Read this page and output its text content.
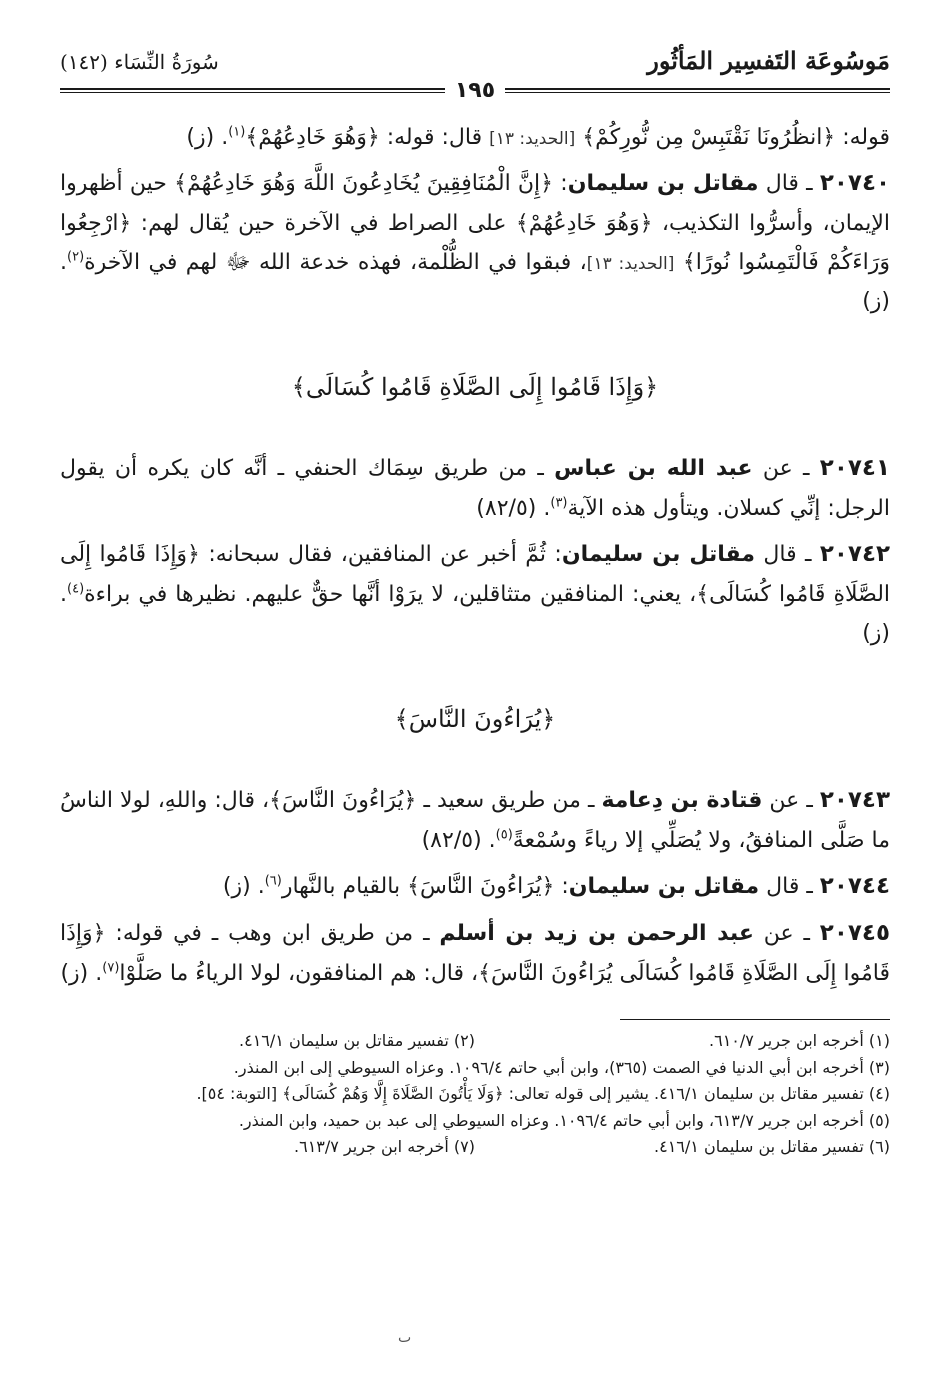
مَوسُوعَة التَفسِير المَأثُور
سُورَةُ النِّسَاء (١٤٢)
١٩٥

قوله: ﴿انظُرُونَا نَقْتَبِسْ مِن نُّورِكُمْ﴾ [الحديد: ١٣] قال: قوله: ﴿وَهُوَ خَادِعُهُمْ﴾$^{(١)}$. (ز)

٢٠٧٤٠ ـ قال مقاتل بن سليمان: ﴿إِنَّ الْمُنَافِقِينَ يُخَادِعُونَ اللَّهَ وَهُوَ خَادِعُهُمْ﴾ حين أظهروا الإيمان، وأسرُّوا التكذيب، ﴿وَهُوَ خَادِعُهُمْ﴾ على الصراط في الآخرة حين يُقال لهم: ﴿ارْجِعُوا وَرَاءَكُمْ فَالْتَمِسُوا نُورًا﴾ [الحديد: ١٣]، فبقوا في الظُّلْمة، فهذه خدعة الله ﷻ لهم في الآخرة$^{(٢)}$. (ز)

﴿وَإِذَا قَامُوا إِلَى الصَّلَاةِ قَامُوا كُسَالَى﴾

٢٠٧٤١ ـ عن عبد الله بن عباس ـ من طريق سِمَاك الحنفي ـ أنَّه كان يكره أن يقول الرجل: إنِّي كسلان. ويتأول هذه الآية$^{(٣)}$. (٥/‏٨٢)

٢٠٧٤٢ ـ قال مقاتل بن سليمان: ثُمَّ أخبر عن المنافقين، فقال سبحانه: ﴿وَإِذَا قَامُوا إِلَى الصَّلَاةِ قَامُوا كُسَالَى﴾، يعني: المنافقين متثاقلين، لا يرَوْا أنَّها حقٌّ عليهم. نظيرها في براءة$^{(٤)}$. (ز)

﴿يُرَاءُونَ النَّاسَ﴾

٢٠٧٤٣ ـ عن قتادة بن دِعامة ـ من طريق سعيد ـ ﴿يُرَاءُونَ النَّاسَ﴾، قال: واللهِ، لولا الناسُ ما صَلَّى المنافقُ، ولا يُصَلِّي إلا رياءً وسُمْعةً$^{(٥)}$. (٥/‏٨٢)

٢٠٧٤٤ ـ قال مقاتل بن سليمان: ﴿يُرَاءُونَ النَّاسَ﴾ بالقيام بالنَّهار$^{(٦)}$. (ز)

٢٠٧٤٥ ـ عن عبد الرحمن بن زيد بن أسلم ـ من طريق ابن وهب ـ في قوله: ﴿وَإِذَا قَامُوا إِلَى الصَّلَاةِ قَامُوا كُسَالَى يُرَاءُونَ النَّاسَ﴾، قال: هم المنافقون، لولا الرياءُ ما صَلَّوْا$^{(٧)}$. (ز)

(١) أخرجه ابن جرير ٧/‏٦١٠.
(٢) تفسير مقاتل بن سليمان ١/‏٤١٦.
(٣) أخرجه ابن أبي الدنيا في الصمت (٣٦٥)، وابن أبي حاتم ٤/‏١٠٩٦. وعزاه السيوطي إلى ابن المنذر.
(٤) تفسير مقاتل بن سليمان ١/‏٤١٦. يشير إلى قوله تعالى: ﴿وَلَا يَأْتُونَ الصَّلَاةَ إِلَّا وَهُمْ كُسَالَى﴾ [التوبة: ٥٤].
(٥) أخرجه ابن جرير ٧/‏٦١٣، وابن أبي حاتم ٤/‏١٠٩٦. وعزاه السيوطي إلى عبد بن حميد، وابن المنذر.
(٦) تفسير مقاتل بن سليمان ١/‏٤١٦.
(٧) أخرجه ابن جرير ٧/‏٦١٣.
ٮ
